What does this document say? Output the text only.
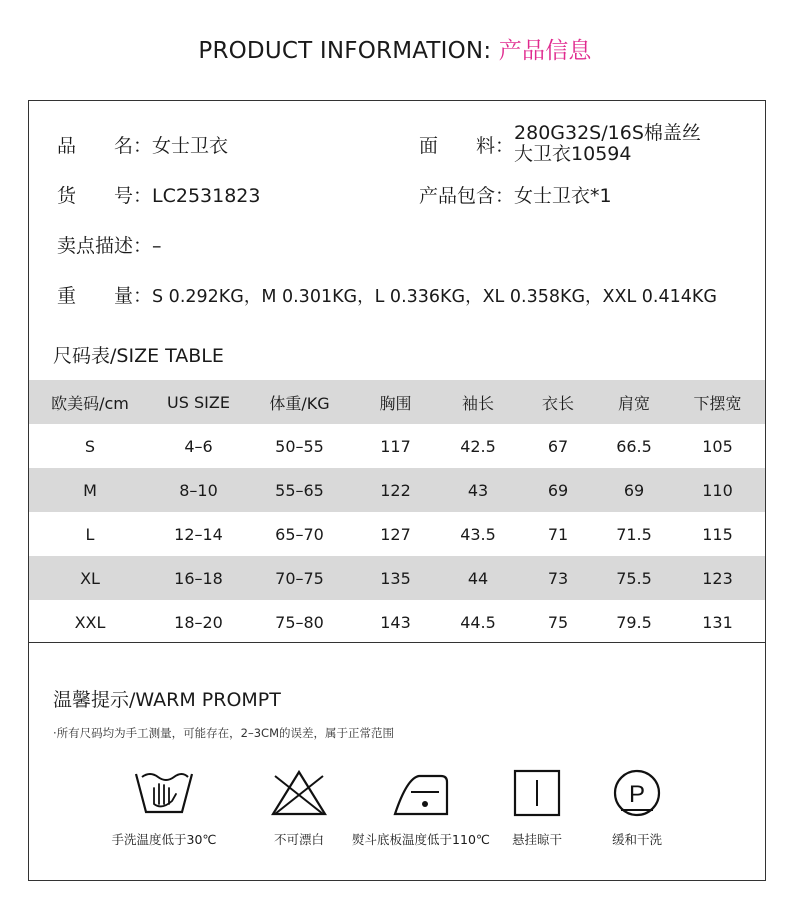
PRODUCT INFORMATION: 产品信息
品　　名：女士卫衣	面　　料：280G32S/16S棉盖丝
大卫衣10594
货　　号：LC2531823	产品包含：女士卫衣*1
卖点描述：–
重　　量：S 0.292KG，M 0.301KG，L 0.336KG，XL 0.358KG，XXL 0.414KG
尺码表/SIZE TABLE
欧美码/cm	US SIZE	体重/KG	胸围	袖长	衣长	肩宽	下摆宽
S	4–6	50–55	117	42.5	67	66.5	105
M	8–10	55–65	122	43	69	69	110
L	12–14	65–70	127	43.5	71	71.5	115
XL	16–18	70–75	135	44	73	75.5	123
XXL	18–20	75–80	143	44.5	75	79.5	131
温馨提示/WARM PROMPT
·所有尺码均为手工测量，可能存在，2–3CM的误差，属于正常范围
手洗温度低于30℃	不可漂白	熨斗底板温度低于110℃	悬挂晾干
P
缓和干洗
